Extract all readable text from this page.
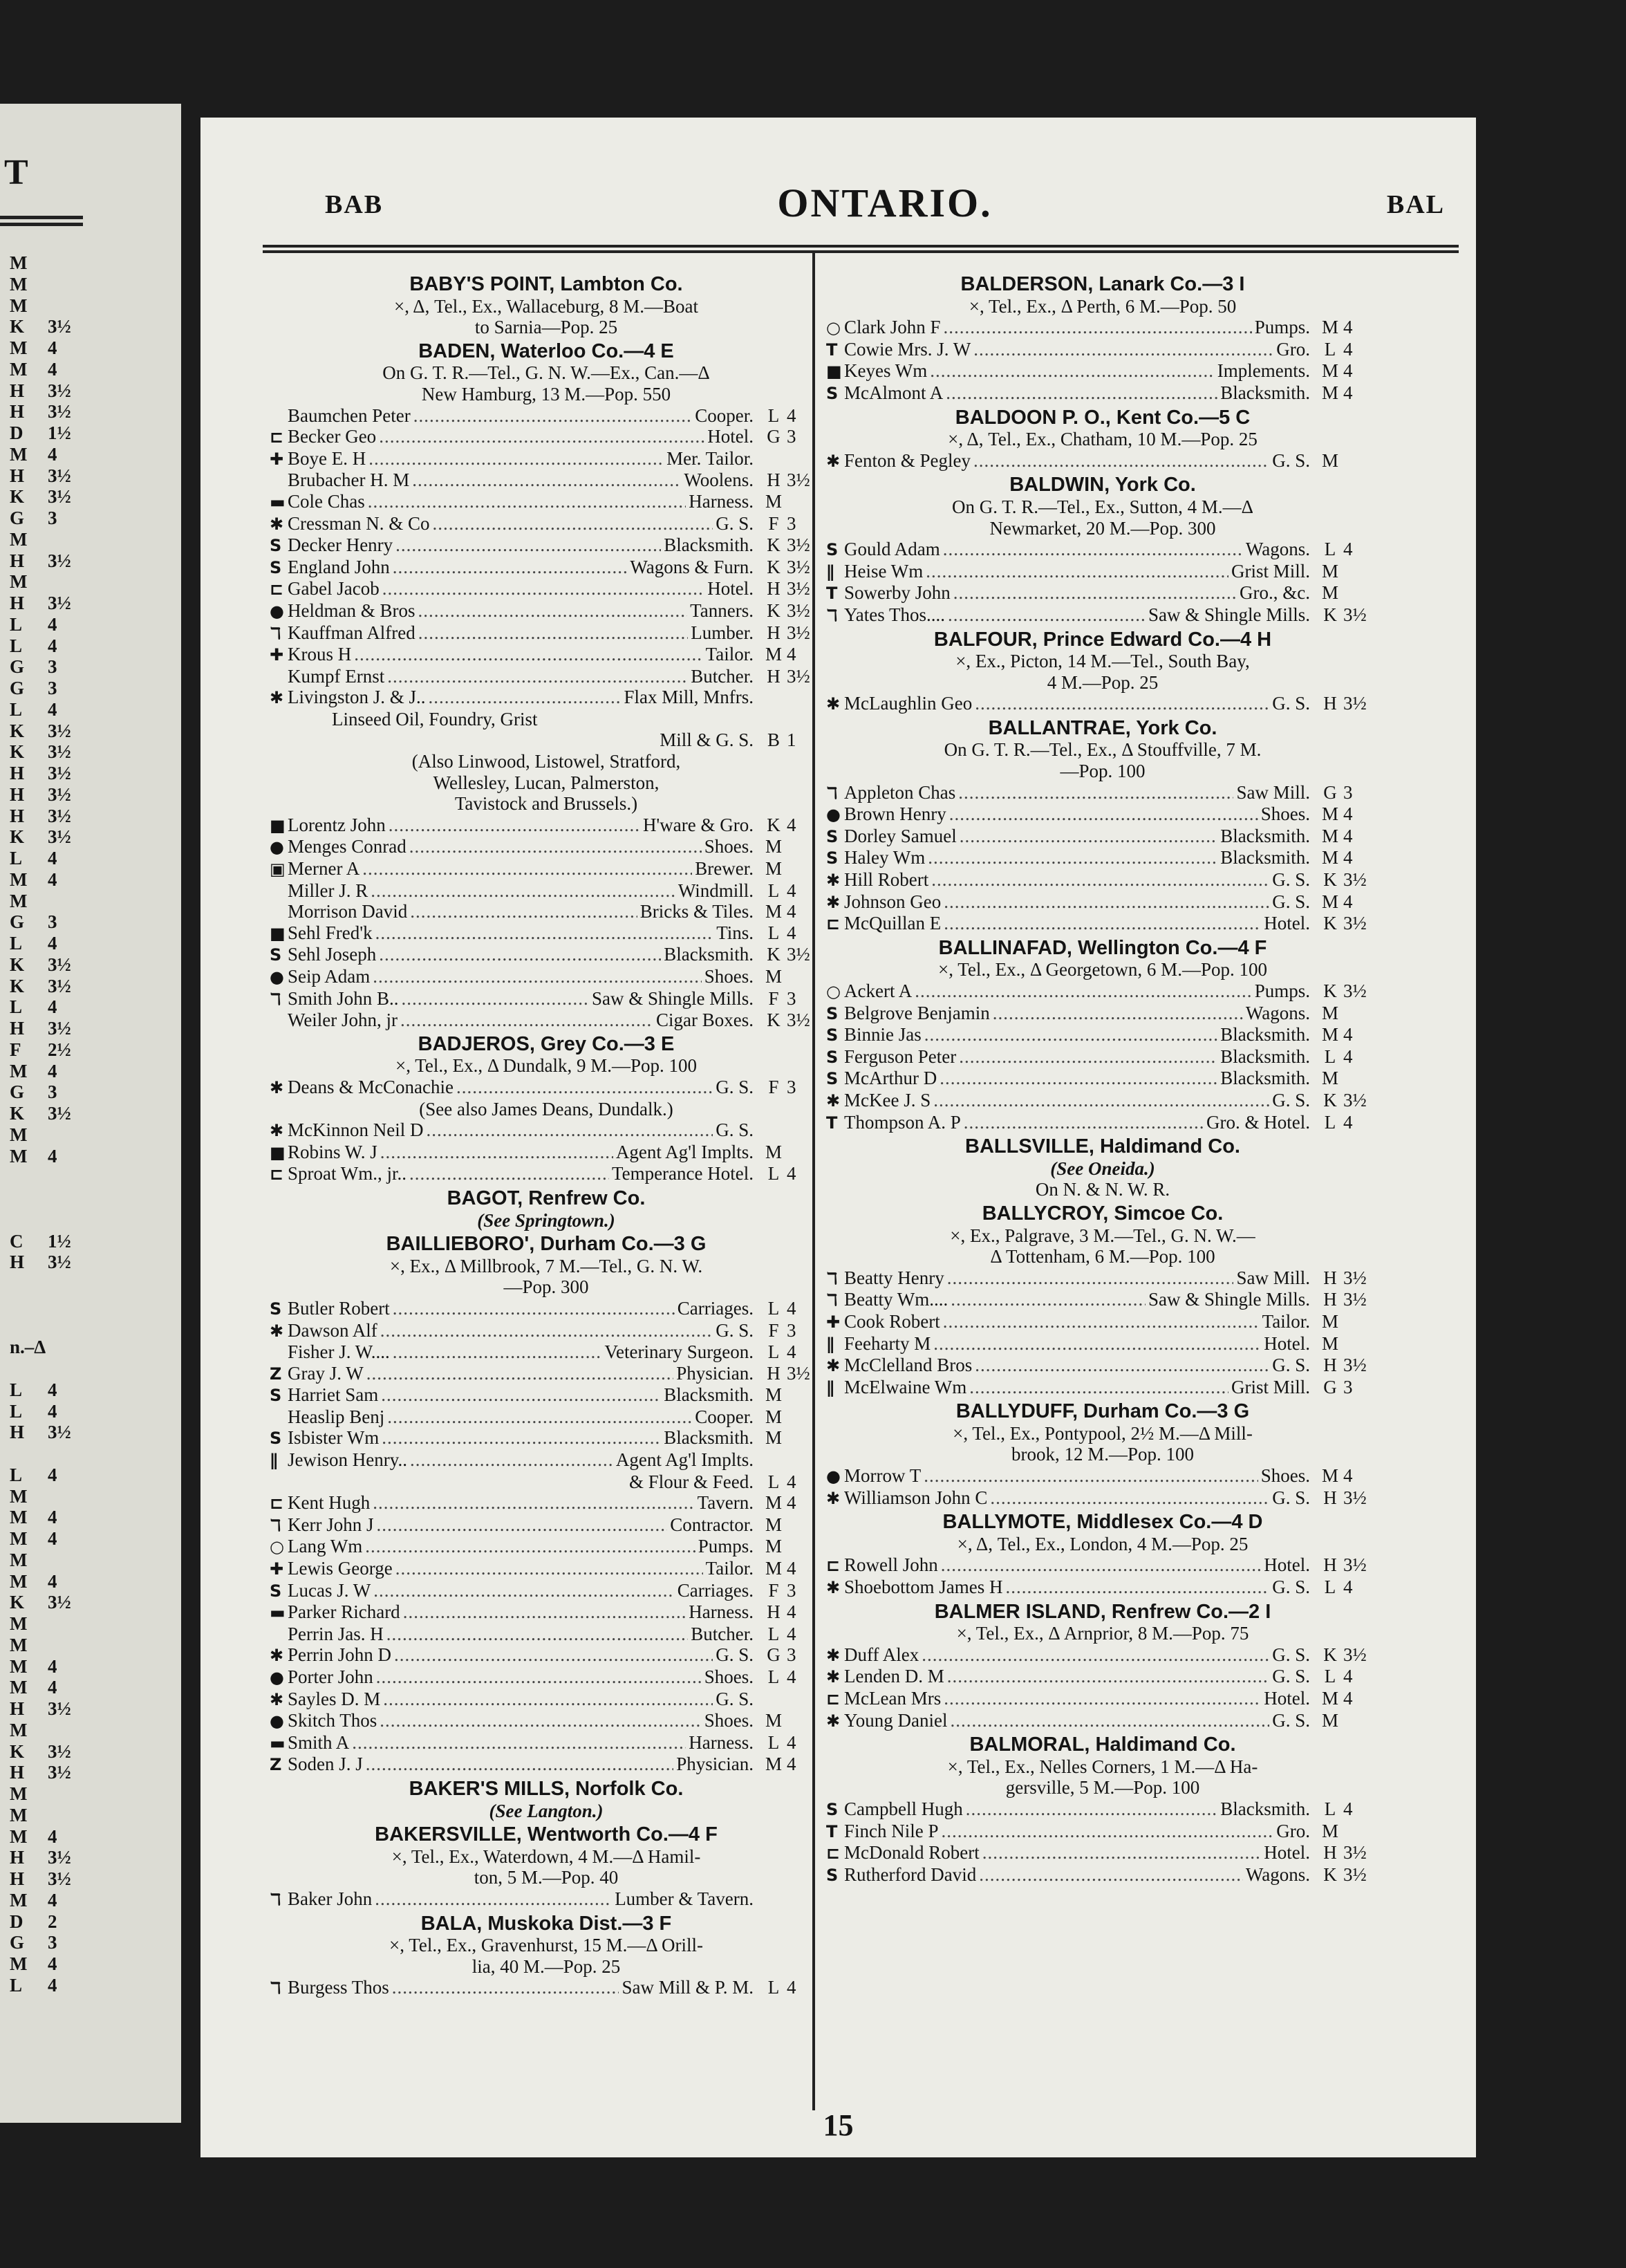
T
M
M
M
K 3½
M 4
M 4
H 3½
H 3½
D 1½
M 4
H 3½
K 3½
G 3
M
H 3½
M
H 3½
L 4
L 4
G 3
G 3
L 4
K 3½
K 3½
H 3½
H 3½
H 3½
K 3½
L 4
M 4
M
G 3
L 4
K 3½
K 3½
L 4
H 3½
F 2½
M 4
G 3
K 3½
M
M 4
C 1½
H 3½
n.–Δ
L 4
L 4
H 3½
L 4
M
M 4
M 4
M
M 4
K 3½
M
M
M 4
M 4
H 3½
M
K 3½
H 3½
M
M
M 4
H 3½
H 3½
M 4
D 2
G 3
M 4
L 4
BAB	ONTARIO.	BAL
BABY'S POINT, Lambton Co.
×, Δ, Tel., Ex., Wallaceburg, 8 M.—Boat
to Sarnia—Pop. 25
BADEN, Waterloo Co.—4 E
On G. T. R.—Tel., G. N. W.—Ex., Can.—Δ
New Hamburg, 13 M.—Pop. 550
Baumchen Peter .....	Cooper. L 4
⊏ Becker Geo .....	Hotel. G 3
✚ Boye E. H .....	Mer. Tailor.
Brubacher H. M .....	Woolens. H 3½
▬ Cole Chas .....	Harness. M
✱ Cressman N. & Co .....	G. S. F 3
S Decker Henry .....	Blacksmith. K 3½
S England John .....	Wagons & Furn. K 3½
⊏ Gabel Jacob .....	Hotel. H 3½
● Heldman & Bros .....	Tanners. K 3½
ℸ Kauffman Alfred .....	Lumber. H 3½
✚ Krous H .....	Tailor. M 4
Kumpf Ernst .....	Butcher. H 3½
✱ Livingston J. & J.. .....	Flax Mill, Mnfrs.
Linseed Oil, Foundry, Grist
Mill & G. S. B 1
(Also Linwood, Listowel, Stratford,
Wellesley, Lucan, Palmerston,
Tavistock and Brussels.)
■ Lorentz John .....	H'ware & Gro. K 4
● Menges Conrad .....	Shoes. M
▣ Merner A .....	Brewer. M
Miller J. R .....	Windmill. L 4
Morrison David .....	Bricks & Tiles. M 4
■ Sehl Fred'k .....	Tins. L 4
S Sehl Joseph .....	Blacksmith. K 3½
● Seip Adam .....	Shoes. M
ℸ Smith John B.. .....	Saw & Shingle Mills. F 3
Weiler John, jr .....	Cigar Boxes. K 3½
BADJEROS, Grey Co.—3 E
×, Tel., Ex., Δ Dundalk, 9 M.—Pop. 100
✱ Deans & McConachie .....	G. S. F 3
(See also James Deans, Dundalk.)
✱ McKinnon Neil D .....	G. S.
■ Robins W. J .....	Agent Ag'l Implts. M
⊏ Sproat Wm., jr.. .....	Temperance Hotel. L 4
BAGOT, Renfrew Co.
(See Springtown.)
BAILLIEBORO', Durham Co.—3 G
×, Ex., Δ Millbrook, 7 M.—Tel., G. N. W.
—Pop. 300
S Butler Robert .....	Carriages. L 4
✱ Dawson Alf .....	G. S. F 3
Fisher J. W.... .....	Veterinary Surgeon. L 4
Z Gray J. W .....	Physician. H 3½
S Harriet Sam .....	Blacksmith. M
Heaslip Benj .....	Cooper. M
S Isbister Wm .....	Blacksmith. M
∥ Jewison Henry.. .....	Agent Ag'l Implts.
& Flour & Feed. L 4
⊏ Kent Hugh .....	Tavern. M 4
ℸ Kerr John J .....	Contractor. M
○ Lang Wm .....	Pumps. M
✚ Lewis George .....	Tailor. M 4
S Lucas J. W .....	Carriages. F 3
▬ Parker Richard .....	Harness. H 4
Perrin Jas. H .....	Butcher. L 4
✱ Perrin John D .....	G. S. G 3
● Porter John .....	Shoes. L 4
✱ Sayles D. M .....	G. S.
● Skitch Thos .....	Shoes. M
▬ Smith A .....	Harness. L 4
Z Soden J. J .....	Physician. M 4
BAKER'S MILLS, Norfolk Co.
(See Langton.)
BAKERSVILLE, Wentworth Co.—4 F
×, Tel., Ex., Waterdown, 4 M.—Δ Hamil-
ton, 5 M.—Pop. 40
ℸ Baker John .....	Lumber & Tavern.
BALA, Muskoka Dist.—3 F
×, Tel., Ex., Gravenhurst, 15 M.—Δ Orill-
lia, 40 M.—Pop. 25
ℸ Burgess Thos .....	Saw Mill & P. M. L 4
BALDERSON, Lanark Co.—3 I
×, Tel., Ex., Δ Perth, 6 M.—Pop. 50
○ Clark John F .....	Pumps. M 4
T Cowie Mrs. J. W .....	Gro. L 4
■ Keyes Wm .....	Implements. M 4
S McAlmont A .....	Blacksmith. M 4
BALDOON P. O., Kent Co.—5 C
×, Δ, Tel., Ex., Chatham, 10 M.—Pop. 25
✱ Fenton & Pegley .....	G. S. M
BALDWIN, York Co.
On G. T. R.—Tel., Ex., Sutton, 4 M.—Δ
Newmarket, 20 M.—Pop. 300
S Gould Adam .....	Wagons. L 4
∥ Heise Wm .....	Grist Mill. M
T Sowerby John .....	Gro., &c. M
ℸ Yates Thos.... .....	Saw & Shingle Mills. K 3½
BALFOUR, Prince Edward Co.—4 H
×, Ex., Picton, 14 M.—Tel., South Bay,
4 M.—Pop. 25
✱ McLaughlin Geo .....	G. S. H 3½
BALLANTRAE, York Co.
On G. T. R.—Tel., Ex., Δ Stouffville, 7 M.
—Pop. 100
ℸ Appleton Chas .....	Saw Mill. G 3
● Brown Henry .....	Shoes. M 4
S Dorley Samuel .....	Blacksmith. M 4
S Haley Wm .....	Blacksmith. M 4
✱ Hill Robert .....	G. S. K 3½
✱ Johnson Geo .....	G. S. M 4
⊏ McQuillan E .....	Hotel. K 3½
BALLINAFAD, Wellington Co.—4 F
×, Tel., Ex., Δ Georgetown, 6 M.—Pop. 100
○ Ackert A .....	Pumps. K 3½
S Belgrove Benjamin .....	Wagons. M
S Binnie Jas .....	Blacksmith. M 4
S Ferguson Peter .....	Blacksmith. L 4
S McArthur D .....	Blacksmith. M
✱ McKee J. S .....	G. S. K 3½
T Thompson A. P .....	Gro. & Hotel. L 4
BALLSVILLE, Haldimand Co.
(See Oneida.)
On N. & N. W. R.
BALLYCROY, Simcoe Co.
×, Ex., Palgrave, 3 M.—Tel., G. N. W.—
Δ Tottenham, 6 M.—Pop. 100
ℸ Beatty Henry .....	Saw Mill. H 3½
ℸ Beatty Wm.... .....	Saw & Shingle Mills. H 3½
✚ Cook Robert .....	Tailor. M
∥ Feeharty M .....	Hotel. M
✱ McClelland Bros .....	G. S. H 3½
∥ McElwaine Wm .....	Grist Mill. G 3
BALLYDUFF, Durham Co.—3 G
×, Tel., Ex., Pontypool, 2½ M.—Δ Mill-
brook, 12 M.—Pop. 100
● Morrow T .....	Shoes. M 4
✱ Williamson John C .....	G. S. H 3½
BALLYMOTE, Middlesex Co.—4 D
×, Δ, Tel., Ex., London, 4 M.—Pop. 25
⊏ Rowell John .....	Hotel. H 3½
✱ Shoebottom James H .....	G. S. L 4
BALMER ISLAND, Renfrew Co.—2 I
×, Tel., Ex., Δ Arnprior, 8 M.—Pop. 75
✱ Duff Alex .....	G. S. K 3½
✱ Lenden D. M .....	G. S. L 4
⊏ McLean Mrs .....	Hotel. M 4
✱ Young Daniel .....	G. S. M
BALMORAL, Haldimand Co.
×, Tel., Ex., Nelles Corners, 1 M.—Δ Ha-
gersville, 5 M.—Pop. 100
S Campbell Hugh .....	Blacksmith. L 4
T Finch Nile P .....	Gro. M
⊏ McDonald Robert .....	Hotel. H 3½
S Rutherford David .....	Wagons. K 3½
15
